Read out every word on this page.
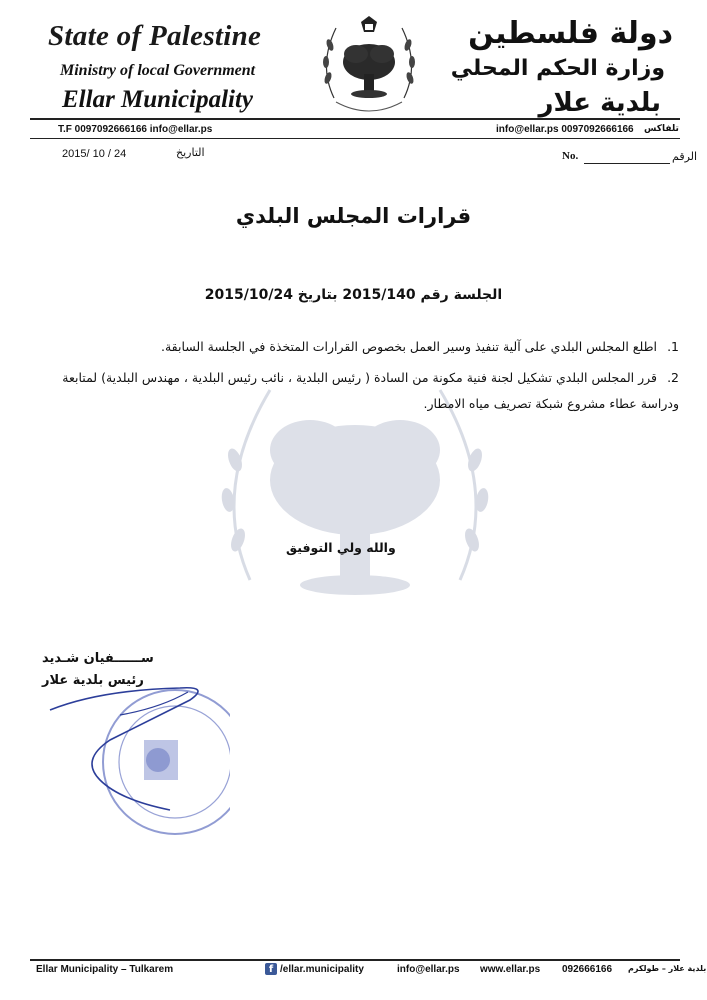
State of Palestine
Ministry of local Government
Ellar Municipality
دولة فلسطين
وزارة الحكم المحلي
بلدية علار
T.F 0097092666166 info@ellar.ps	info@ellar.ps 0097092666166 تلفاكس
2015/ 10 / 24	التاريخ	No.	الرقم
قرارات المجلس البلدي
الجلسة رقم 2015/140 بتاريخ 2015/10/24
1. اطلع المجلس البلدي على آلية تنفيذ وسير العمل بخصوص القرارات المتخذة في الجلسة السابقة.
2. قرر المجلس البلدي تشكيل لجنة فنية مكونة من السادة ( رئيس البلدية ، نائب رئيس البلدية ، مهندس البلدية) لمتابعة ودراسة عطاء مشروع شبكة تصريف مياه الامطار.
والله ولي التوفيق
ســــــفيان شـديد
رئيس بلدية علار
Ellar Municipality – Tulkarem	f /ellar.municipality	info@ellar.ps www.ellar.ps 092666166 بلدية علار – طولكرم
